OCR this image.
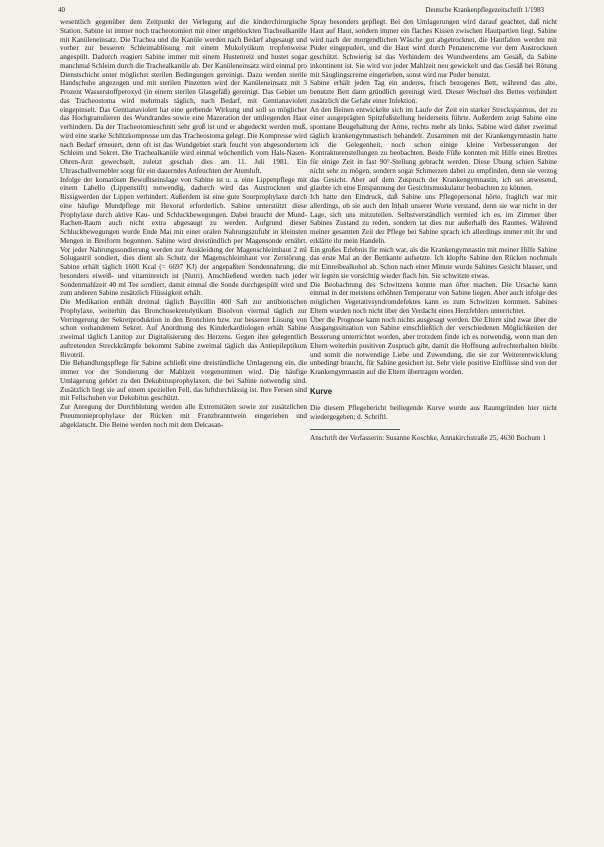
40	Deutsche Krankenpflegezeitschrift 1/1983

wesentlich gegenüber dem Zeitpunkt der Verlegung auf die kinderchirurgische Station. Sabine ist immer noch tracheotomiert mit einer ungeblockten Trachealkanüle mit Kanüleneinsatz. Die Trachea und die Kanüle werden nach Bedarf abgesaugt und vorher zur besseren Schleimablösung mit einem Mukolytikum tropfenweise angespült. Dadurch reagiert Sabine immer mit einem Hustenreiz und hustet sogar manchmal Schleim durch die Trachealkanüle ab. Der Kanüleneinsatz wird einmal pro Dienstschicht unter möglichst sterilen Bedingungen gereinigt. Dazu werden sterile Handschuhe angezogen und mit sterilen Pinzetten wird der Kanüleneinsatz mit 3 Prozent Wasserstoffperoxyd (in einem sterilen Glasgefäß) gereinigt. Das Gebiet um das Tracheostoma wird mehrmals täglich, nach Bedarf, mit Gentianaviolett eingepinselt. Das Gentianaviolett hat eine gerbende Wirkung und soll so möglicher das Hochgranulieren des Wundrandes sowie eine Mazeration der umliegenden Haut verhindern. Da der Tracheotomieschnitt sehr groß ist und er abgedeckt werden muß, wird eine starke Schlitzkompresse um das Tracheostoma gelegt. Die Kompresse wird nach Bedarf erneuert, denn oft ist das Wundgebiet stark feucht von abgesondertem Schleim und Sekret. Die Trachealkanüle wird einmal wöchentlich vom Hals-Nasen-Ohren-Arzt gewechselt, zuletzt geschah dies am 11. Juli 1981. Ein Ultraschallvernebler sorgt für ein dauerndes Anfeuchten der Atemluft.

Infolge der komatösen Bewußtseinslage von Sabine ist u. a. eine Lippenpflege mit einem Labello (Lippenstift) notwendig, dadurch wird das Austrocknen und Rissigwerden der Lippen verhindert. Außerdem ist eine gute Soorprophylaxe durch eine häufige Mundpflege mit Hexoral erforderlich. Sabine unterstützt diese Prophylaxe durch aktive Kau- und Schluckbewegungen. Dabei braucht der Mund-Rachen-Raum auch nicht extra abgesaugt zu werden. Aufgrund dieser Schluckbewegungen wurde Ende Mai mit einer oralen Nahrungszufuhr in kleinsten Mengen in Breiform begonnen. Sabine wird dreistündlich per Magensonde ernährt. Vor jeder Nahrungssondierung werden zur Auskleidung der Magenschleimhaut 2 ml Solugastril sondiert, dies dient als Schutz der Magenschleimhaut vor Zerstörung. Sabine erhält täglich 1600 Kcal (= 6697 KJ) der angepaßten Sondennahrung, die besonders eiweiß- und vitaminreich ist (Nutri). Anschließend werden nach jeder Sondenmahlzeit 40 ml Tee sondiert, damit einmal die Sonde durchgespült wird und zum anderen Sabine zusätzlich Flüssigkeit erhält.

Die Medikation enthält dreimal täglich Baycillin 400 Saft zur antibiotischen Prophylaxe, weiterhin das Bronchosekretolytikum Bisolvon viermal täglich zur Verringerung der Sekretproduktion in den Bronchien bzw. zur besseren Lösung von schon vorhandenem Sekret. Auf Anordnung des Kinderkardiologen erhält Sabine zweimal täglich Lanitop zur Digitalisierung des Herzens. Gegen ihre gelegentlich auftretenden Streckkrämpfe bekommt Sabine zweimal täglich das Antiepileptikum Rivotril.

Die Behandlungspflege für Sabine schließt eine dreistündliche Umlagerung ein, die immer vor der Sondierung der Mahlzeit vorgenommen wird. Die häufige Umlagerung gehört zu den Dekubitusprophylaxen, die bei Sabine notwendig sind. Zusätzlich liegt sie auf einem speziellen Fell, das luftdurchlässig ist. Ihre Fersen sind mit Fellschuhen vor Dekubitus geschützt.

Zur Anregung der Durchblutung werden alle Extremitäten sowie zur zusätzlichen Pneumonieprophylaxe der Rücken mit Franzbranntwein eingerieben und abgeklatscht. Die Beine werden noch mit dem Delcasan-

Spray besonders gepflegt. Bei den Umlagerungen wird darauf geachtet, daß nicht Haut auf Haut, sondern immer ein flaches Kissen zwischen Hautpartien liegt. Sabine wird nach der morgendlichen Wäsche gut abgetrocknet, die Hautfalten werden mit Puder eingepudert, und die Haut wird durch Penatencreme vor dem Austrocknen geschützt. Schwierig ist das Verhindern des Wundwerdens am Gesäß, da Sabine inkontinent ist. Sie wird vor jeder Mahlzeit neu gewickelt und das Gesäß bei Rötung mit Säuglingscreme eingerieben, sonst wird nur Puder benutzt.

Sabine erhält jeden Tag ein anderes, frisch bezogenes Bett, während das alte, benutzte Bett dann gründlich gereinigt wird. Dieser Wechsel des Bettes verhindert zusätzlich die Gefahr einer Infektion.

An den Beinen entwickelte sich im Laufe der Zeit ein starker Streckspasmus, der zu einer ausgeprägten Spitzfußstellung beiderseits führte. Außerdem zeigt Sabine eine spontane Beugehaltung der Arme, rechts mehr als links. Sabine wird daher zweimal täglich krankengymnastisch behandelt. Zusammen mit der Krankengymnastin hatte ich die Gelegenheit, noch schon einige kleine Verbesserungen der Kontrakturenstellungen zu beobachten. Beide Füße konnten mit Hilfe eines Brettes für einige Zeit in fast 90°-Stellung gebracht werden. Diese Übung schien Sabine nicht sehr zu mögen, sondern sogar Schmerzen dabei zu empfinden, denn sie verzog das Gesicht. Aber auf dem Zuspruch der Krankengymnastin, ich sei anwesend, glaubte ich eine Entspannung der Gesichtsmuskulatur beobachten zu können.

Ich hatte den Eindruck, daß Sabine uns Pflegepersonal hörte, fraglich war mir allerdings, ob sie auch den Inhalt unserer Worte verstand, denn sie war nicht in der Lage, sich uns mitzuteilen. Selbstverständlich vermied ich es, im Zimmer über Sabines Zustand zu reden, sondern tat dies nur außerhalb des Raumes. Während meiner gesamten Zeit der Pflege bei Sabine sprach ich allerdings immer mit ihr und erklärte ihr mein Handeln.

Ein großes Erlebnis für mich war, als die Krankengymnastin mit meiner Hilfe Sabine das erste Mal an der Bettkante aufsetzte. Ich klopfte Sabine den Rücken nochmals mit Einreibealkohol ab. Schon nach einer Minute wurde Sabines Gesicht blasser, und wir legten sie vorsichtig wieder flach hin. Sie schwitzte etwas.

Die Beobachtung des Schwitzens konnte man öfter machen. Die Ursache kann einmal in der meistens erhöhten Temperatur von Sabine liegen. Aber auch infolge des möglichen Vegetativsyndromdefektes kann es zum Schwitzen kommen. Sabines Eltern wurden noch nicht über den Verdacht eines Herzfehlers unterrichtet.

Über die Prognose kann noch nichts ausgesagt werden. Die Eltern sind zwar über die Ausgangssituation von Sabine einschließlich der verschiedenen Möglichkeiten der Besserung unterrichtet worden, aber trotzdem finde ich es notwendig, wenn man den Eltern weiterhin positiven Zuspruch gibt, damit die Hoffnung aufrechterhalten bleibt und somit die notwendige Liebe und Zuwendung, die sie zur Weiterentwicklung unbedingt braucht, für Sabine gesichert ist. Sehr viele positive Einflüsse sind von der Krankengymnastin auf die Eltern übertragen worden.

Kurve

Die diesem Pflegebericht beiliegende Kurve wurde aus Raumgründen hier nicht wiedergegeben; d. Schriftl.

Anschrift der Verfasserin: Susanne Koschke, Annakirchstraße 25, 4630 Bochum 1
